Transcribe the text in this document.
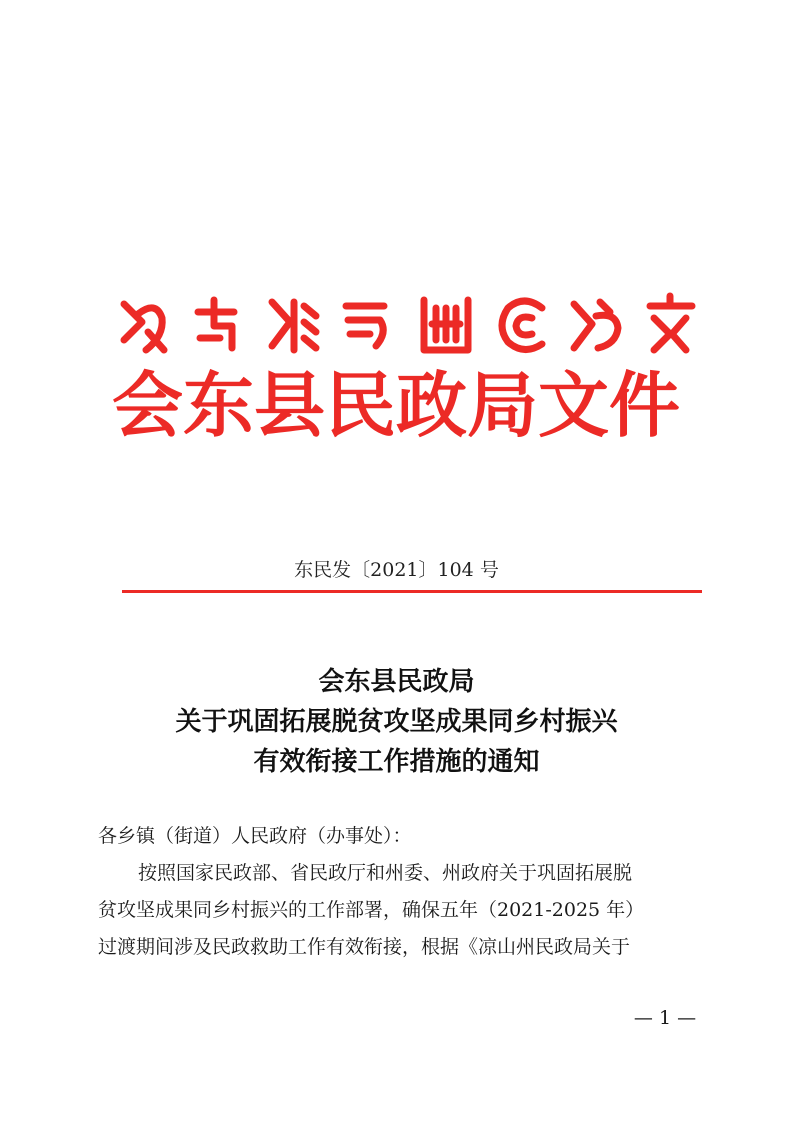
会东县民政局文件
东民发〔2021〕104 号
会东县民政局
关于巩固拓展脱贫攻坚成果同乡村振兴
有效衔接工作措施的通知

各乡镇（街道）人民政府（办事处）：

按照国家民政部、省民政厅和州委、州政府关于巩固拓展脱

贫攻坚成果同乡村振兴的工作部署，确保五年（2021-2025 年）

过渡期间涉及民政救助工作有效衔接，根据《凉山州民政局关于

— 1 —
